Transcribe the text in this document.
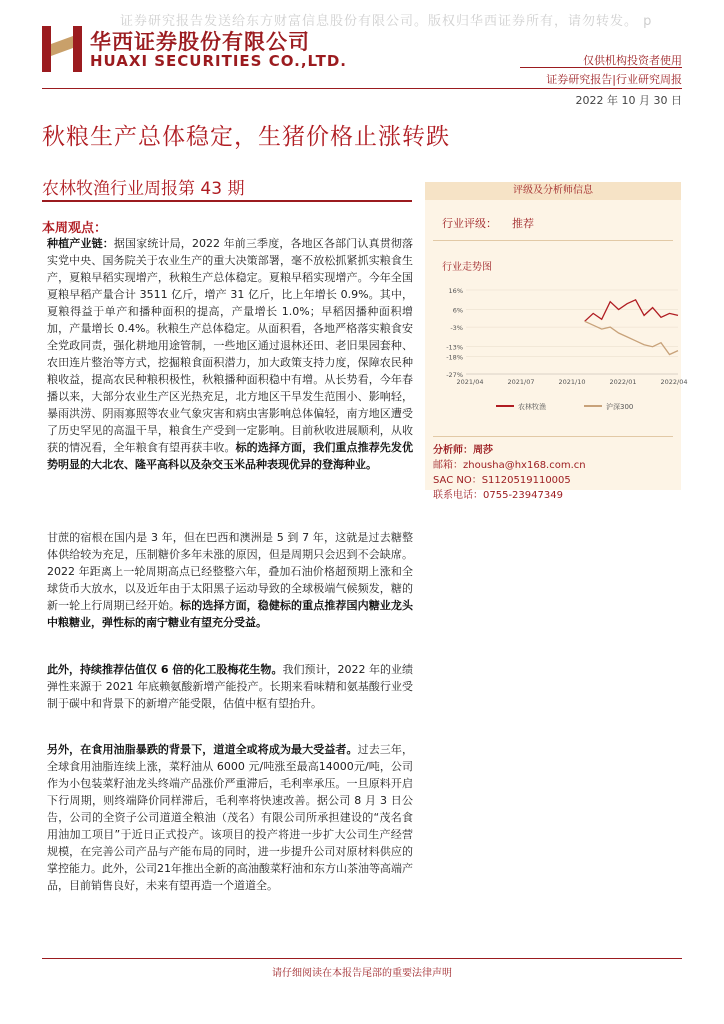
证券研究报告发送给东方财富信息股份有限公司。版权归华西证券所有，请勿转发。 p
华西证券股份有限公司
HUAXI SECURITIES CO.,LTD.	仅供机构投资者使用
证券研究报告|行业研究周报
2022 年 10 月 30 日
秋粮生产总体稳定，生猪价格止涨转跌
农林牧渔行业周报第 43 期
本周观点：

种植产业链：据国家统计局，2022 年前三季度，各地区各部门认真贯彻落实党中央、国务院关于农业生产的重大决策部署，毫不放松抓紧抓实粮食生产，夏粮早稻实现增产，秋粮生产总体稳定。夏粮早稻实现增产。今年全国夏粮早稻产量合计 3511 亿斤，增产 31 亿斤，比上年增长 0.9%。其中，夏粮得益于单产和播种面积的提高，产量增长 1.0%；早稻因播种面积增加，产量增长 0.4%。秋粮生产总体稳定。从面积看，各地严格落实粮食安全党政同责，强化耕地用途管制，一些地区通过退林还田、老旧果园套种、农田连片整治等方式，挖掘粮食面积潜力，加大政策支持力度，保障农民种粮收益，提高农民种粮积极性，秋粮播种面积稳中有增。从长势看，今年春播以来，大部分农业生产区光热充足，北方地区干旱发生范围小、影响轻，暴雨洪涝、阴雨寡照等农业气象灾害和病虫害影响总体偏轻，南方地区遭受了历史罕见的高温干旱，粮食生产受到一定影响。目前秋收进展顺利，从收获的情况看，全年粮食有望再获丰收。标的选择方面，我们重点推荐先发优势明显的大北农、隆平高科以及杂交玉米品种表现优异的登海种业。

甘蔗的宿根在国内是 3 年，但在巴西和澳洲是 5 到 7 年，这就是过去糖整体供给较为充足，压制糖价多年未涨的原因，但是周期只会迟到不会缺席。2022 年距离上一轮周期高点已经整整六年，叠加石油价格超预期上涨和全球货币大放水，以及近年由于太阳黑子运动导致的全球极端气候频发，糖的新一轮上行周期已经开始。标的选择方面，稳健标的重点推荐国内糖业龙头中粮糖业，弹性标的南宁糖业有望充分受益。

此外，持续推荐估值仅 6 倍的化工股梅花生物。我们预计，2022 年的业绩弹性来源于 2021 年底赖氨酸新增产能投产。长期来看味精和氨基酸行业受制于碳中和背景下的新增产能受限，估值中枢有望抬升。

另外，在食用油脂暴跌的背景下，道道全或将成为最大受益者。过去三年，全球食用油脂连续上涨，菜籽油从 6000 元/吨涨至最高14000元/吨，公司作为小包装菜籽油龙头终端产品涨价严重滞后，毛利率承压。一旦原料开启下行周期，则终端降价同样滞后，毛利率将快速改善。据公司 8 月 3 日公告，公司的全资子公司道道全粮油（茂名）有限公司所承担建设的“茂名食用油加工项目”于近日正式投产。该项目的投产将进一步扩大公司生产经营规模，在完善公司产品与产能布局的同时，进一步提升公司对原材料供应的掌控能力。此外，公司21年推出全新的高油酸菜籽油和东方山茶油等高端产品，目前销售良好，未来有望再造一个道道全。

评级及分析师信息
行业评级： 推荐
行业走势图
16%
6%
-3%
-13%
-18%
-27%
2021/04	2021/07	2021/10	2022/01	2022/04
农林牧渔	沪深300
分析师：周莎
邮箱：zhousha@hx168.com.cn
SAC NO：S1120519110005
联系电话：0755-23947349
请仔细阅读在本报告尾部的重要法律声明
